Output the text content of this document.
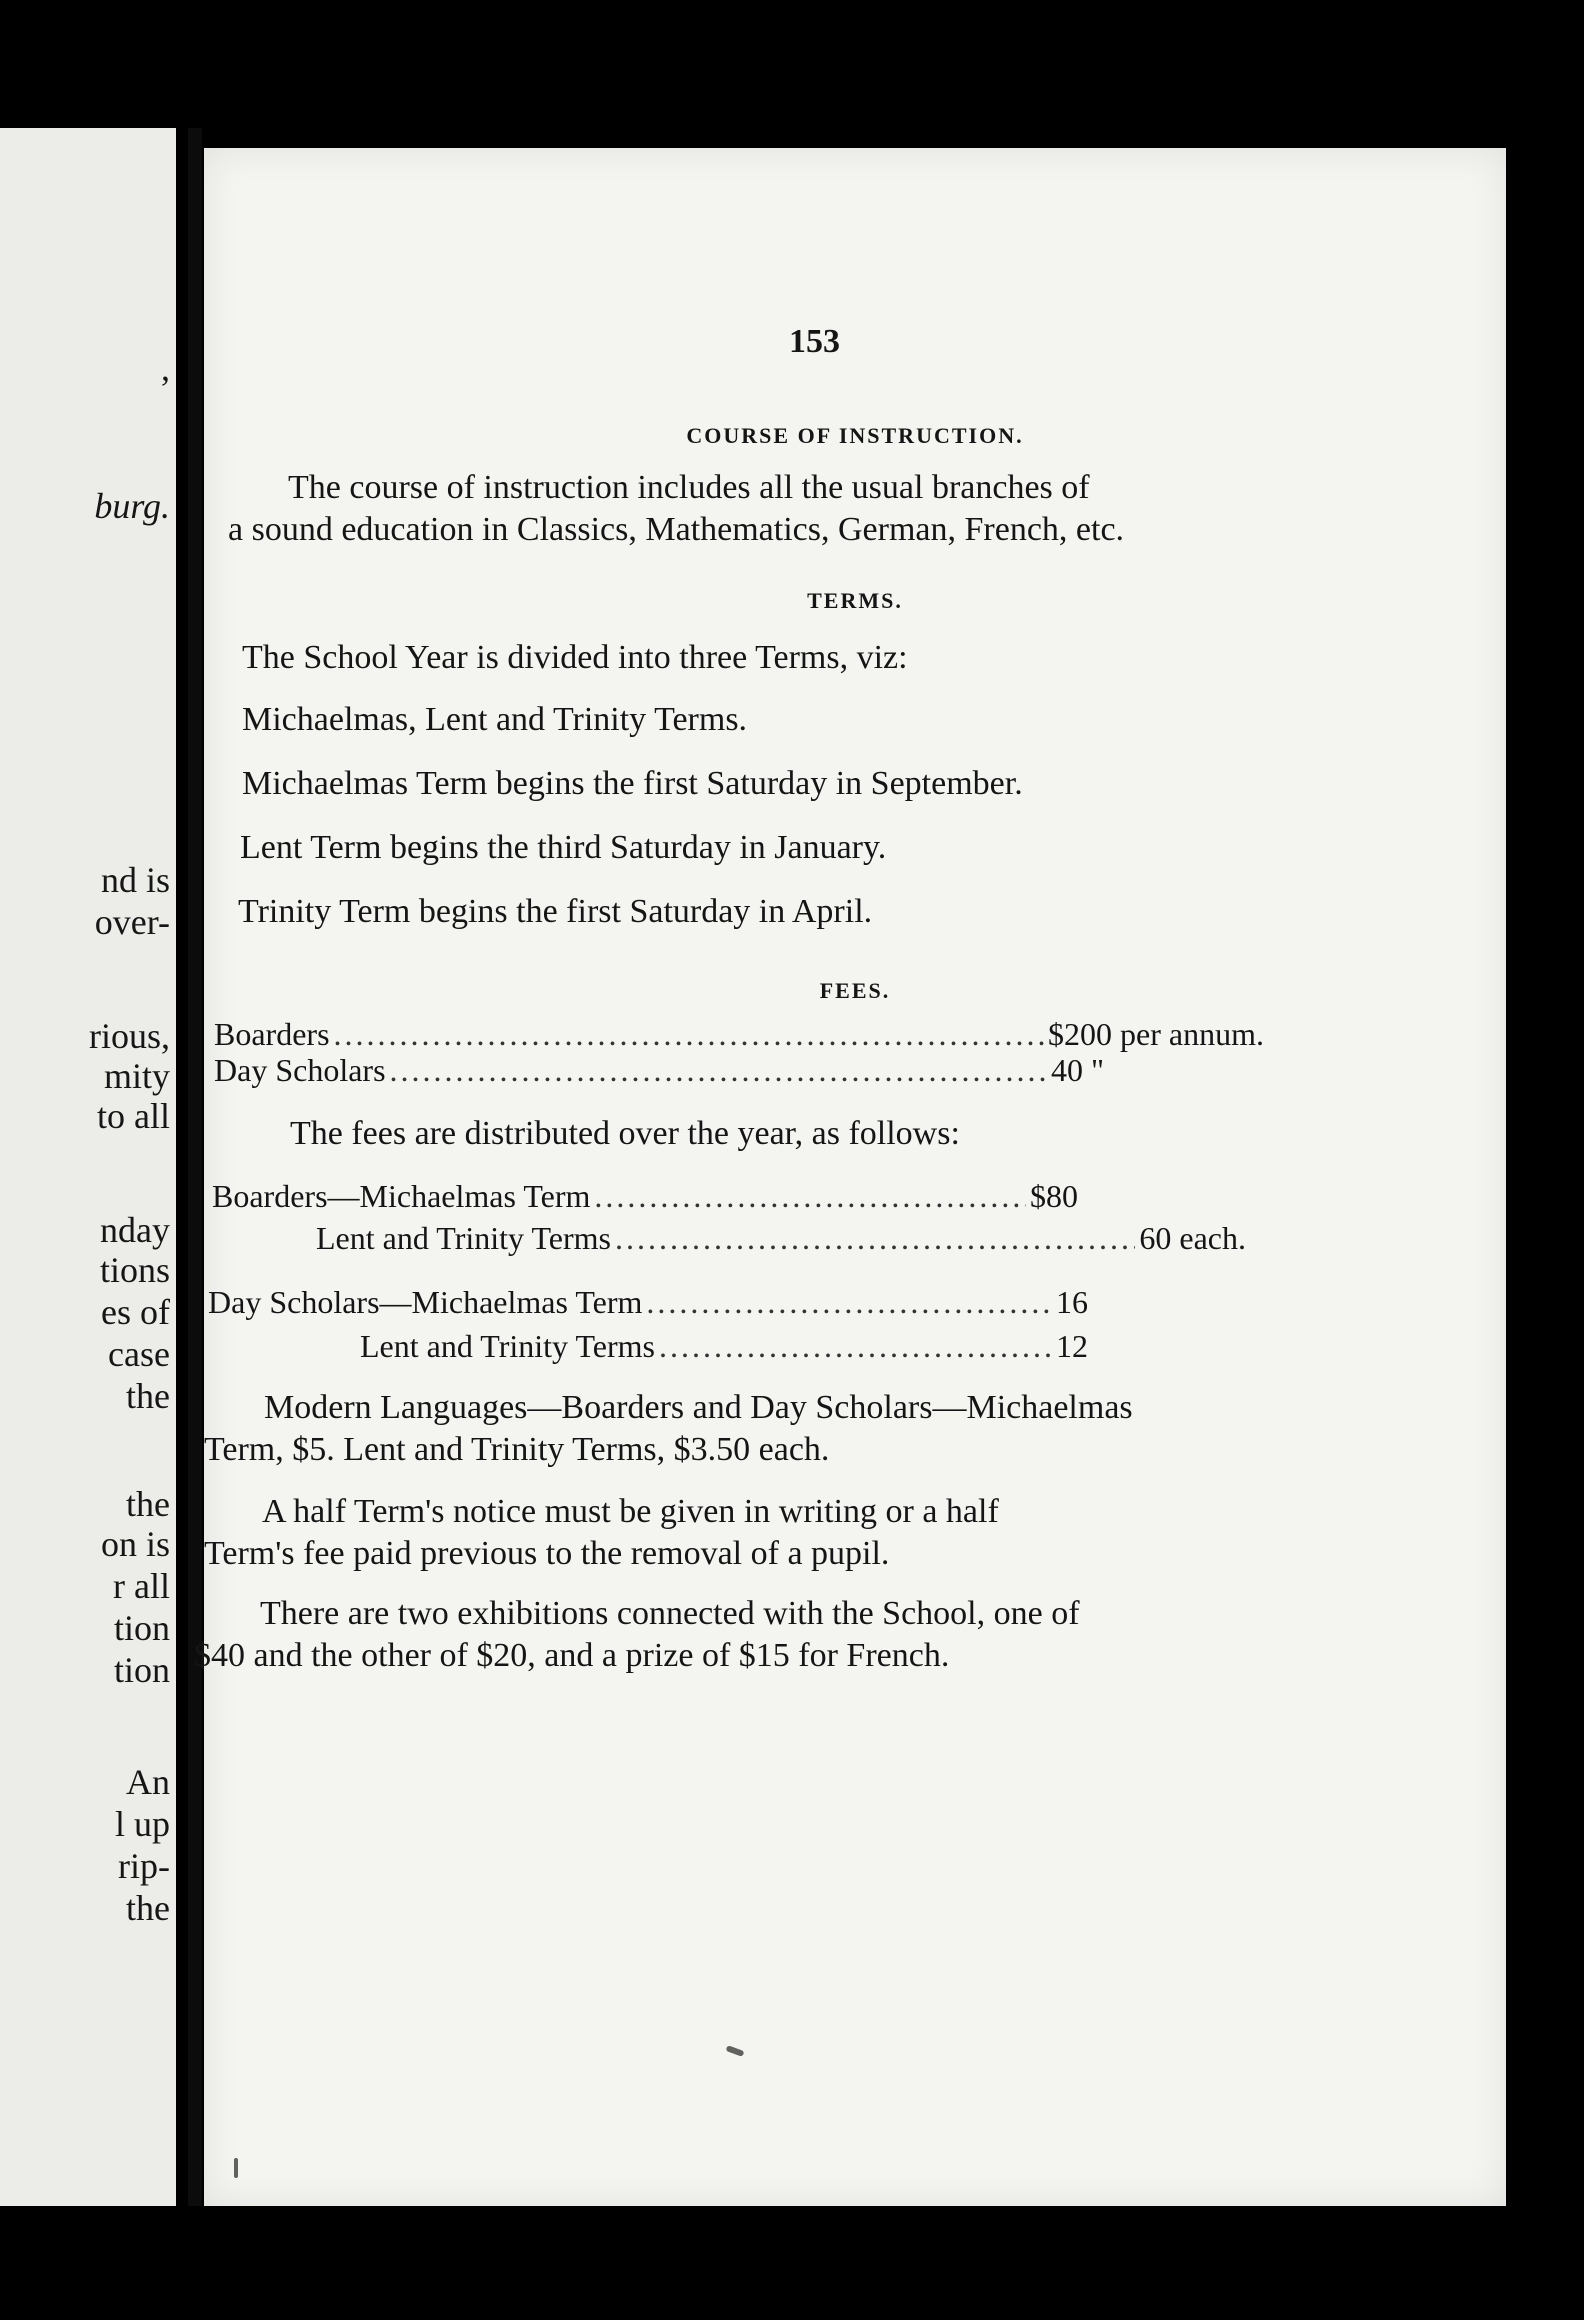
,
burg.
nd is
over-
rious,
mity
to all
nday
tions
es of
case
the
the
on is
r all
tion
tion
An
l up
rip-
the
153
COURSE OF INSTRUCTION.
The course of instruction includes all the usual branches of
a sound education in Classics, Mathematics, German, French, etc.
TERMS.
The School Year is divided into three Terms, viz:
Michaelmas, Lent and Trinity Terms.
Michaelmas Term begins the first Saturday in September.
Lent Term begins the third Saturday in January.
Trinity Term begins the first Saturday in April.
FEES.
Boarders .....	$200 per annum.
Day Scholars .....	40 "
The fees are distributed over the year, as follows:
Boarders—Michaelmas Term .....	$80
Lent and Trinity Terms .....	60 each.
Day Scholars—Michaelmas Term .....	16
Lent and Trinity Terms .....	12
Modern Languages—Boarders and Day Scholars—Michaelmas
Term, $5. Lent and Trinity Terms, $3.50 each.
A half Term's notice must be given in writing or a half
Term's fee paid previous to the removal of a pupil.
There are two exhibitions connected with the School, one of
$40 and the other of $20, and a prize of $15 for French.
